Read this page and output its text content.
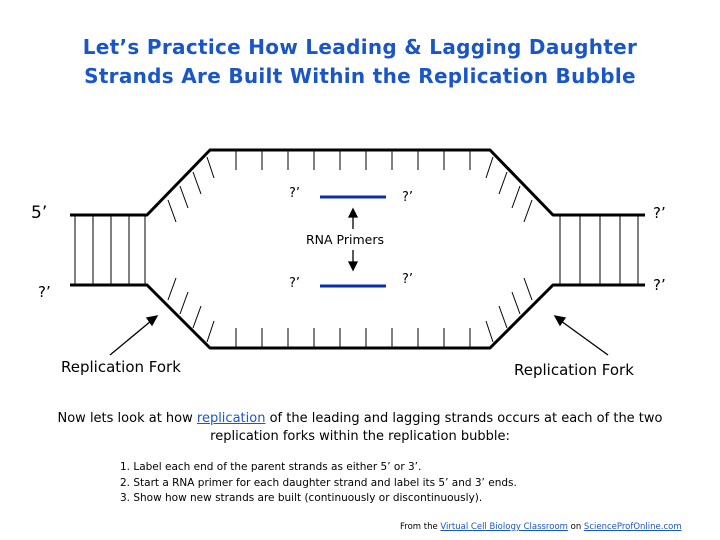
Let’s Practice How Leading & Lagging Daughter
Strands Are Built Within the Replication Bubble
5’	?’
?’	?’
?’	?’
?’	?’
RNA Primers
Replication Fork	Replication Fork
Now lets look at how replication of the leading and lagging strands occurs at each of the two replication forks within the replication bubble:
1. Label each end of the parent strands as either 5’ or 3’.
2. Start a RNA primer for each daughter strand and label its 5’ and 3’ ends.
3. Show how new strands are built (continuously or discontinuously).
From the Virtual Cell Biology Classroom on ScienceProfOnline.com
